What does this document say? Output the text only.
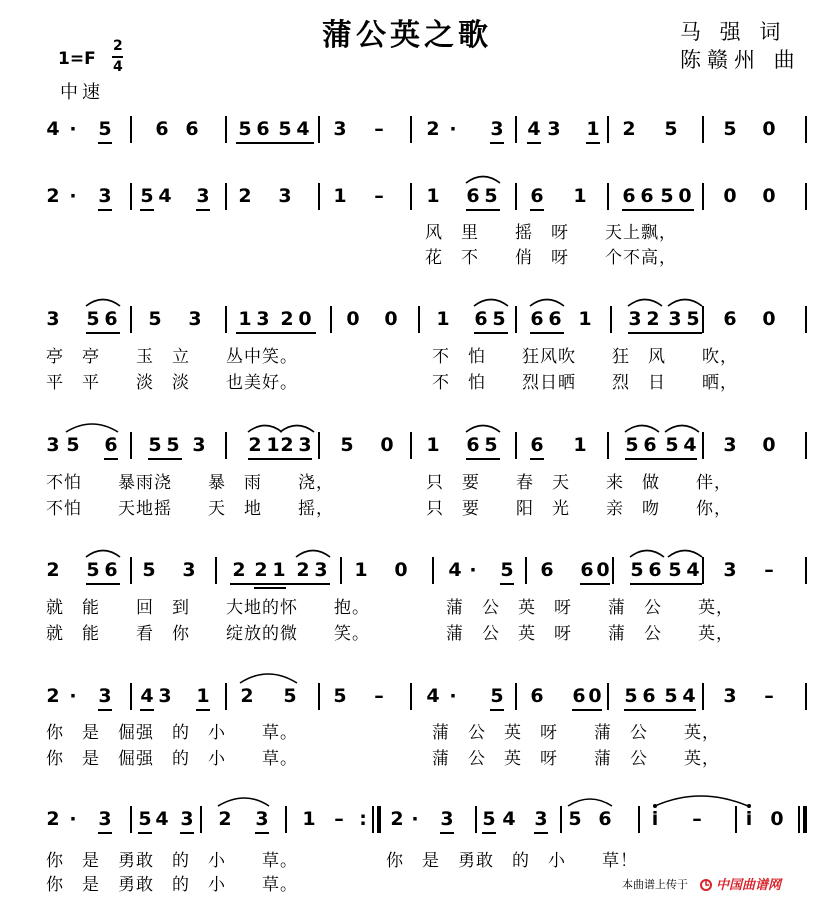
蒲公英之歌	马 强 词
陈赣州 曲
1=F
2
4
中速
4 · 5 6 6 5 6 5 4 3 – 2 · 3 4 3 1 2 5 5 0
2 · 3 5 4 3 2 3 1 – 1 6 5 6 1 6 6 5 0 0 0
风　里　　摇　呀　　天上飘，
花　不　　俏　呀　　个不高，
3 5 6 5 3 1 3 2 0 0 0 1 6 5 6 6 1 3 2 3 5 6 0
亭　亭　　玉　立　　丛中笑。	不　怕　　狂风吹　　狂　风　　吹，
平　平　　淡　淡　　也美好。	不　怕　　烈日晒　　烈　日　　晒，
3 5 6 5 5 3 2 1 2 3 5 0 1 6 5 6 1 5 6 5 4 3 0
不怕　　暴雨浇　　暴　雨　　浇，	只　要　　春　天　　来　做　　伴，
不怕　　天地摇　　天　地　　摇，	只　要　　阳　光　　亲　吻　　你，
2 5 6 5 3 2 2 1 2 3 1 0 4 · 5 6 6 0 5 6 5 4 3 –
就　能　　回　到　　大地的怀　　抱。	蒲　公　英　呀　　蒲　公　　英，
就　能　　看　你　　绽放的微　　笑。	蒲　公　英　呀　　蒲　公　　英，
2 · 3 4 3 1 2 5 5 – 4 · 5 6 6 0 5 6 5 4 3 –
你　是　倔强　的　小　　草。	蒲　公　英　呀　　蒲　公　　英，
你　是　倔强　的　小　　草。	蒲　公　英　呀　　蒲　公　　英，
2 · 3 5 4 3 2 3 1 – : 2 · 3 5 4 3 5 6 i – i 0
你　是　勇敢　的　小　　草。	你　是　勇敢　的　小　　草！
你　是　勇敢　的　小　　草。	本曲谱上传于 中国曲谱网
